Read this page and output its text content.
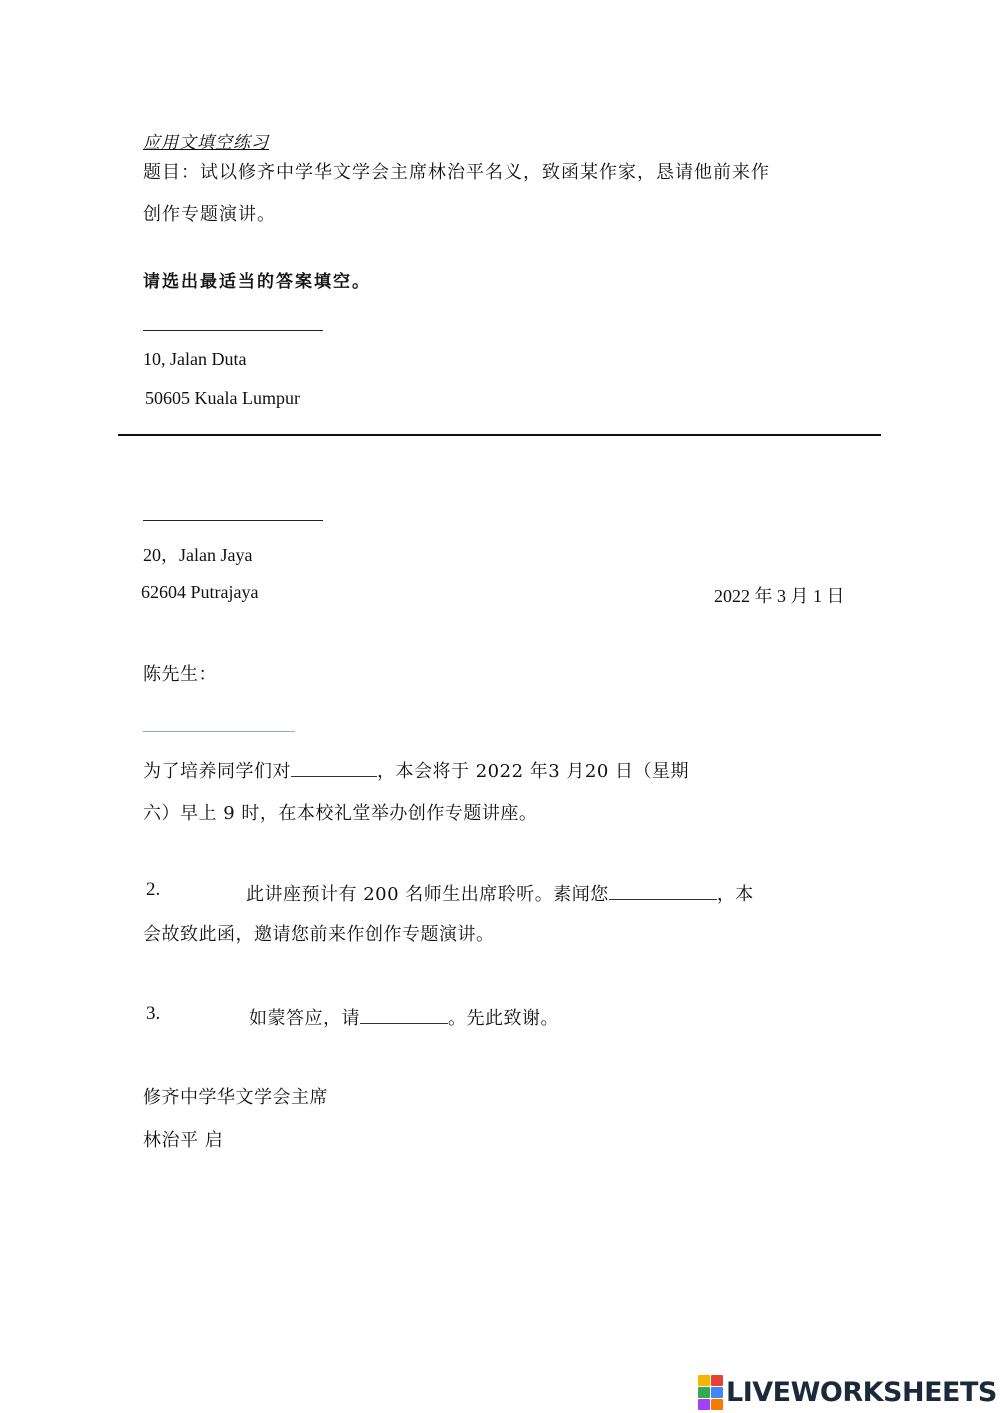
应用文填空练习
题目：试以修齐中学华文学会主席林治平名义，致函某作家，恳请他前来作
创作专题演讲。
请选出最适当的答案填空。
10, Jalan Duta
50605 Kuala Lumpur
20，Jalan Jaya
62604 Putrajaya	2022 年 3 月 1 日
陈先生：
为了培养同学们对	，本会将于 2022 年3 月20 日（星期
六）早上 9 时，在本校礼堂举办创作专题讲座。
2.	此讲座预计有 200 名师生出席聆听。素闻您	，本
会故致此函，邀请您前来作创作专题演讲。
3.	如蒙答应，请	。先此致谢。
修齐中学华文学会主席
林治平 启
LIVEWORKSHEETS
